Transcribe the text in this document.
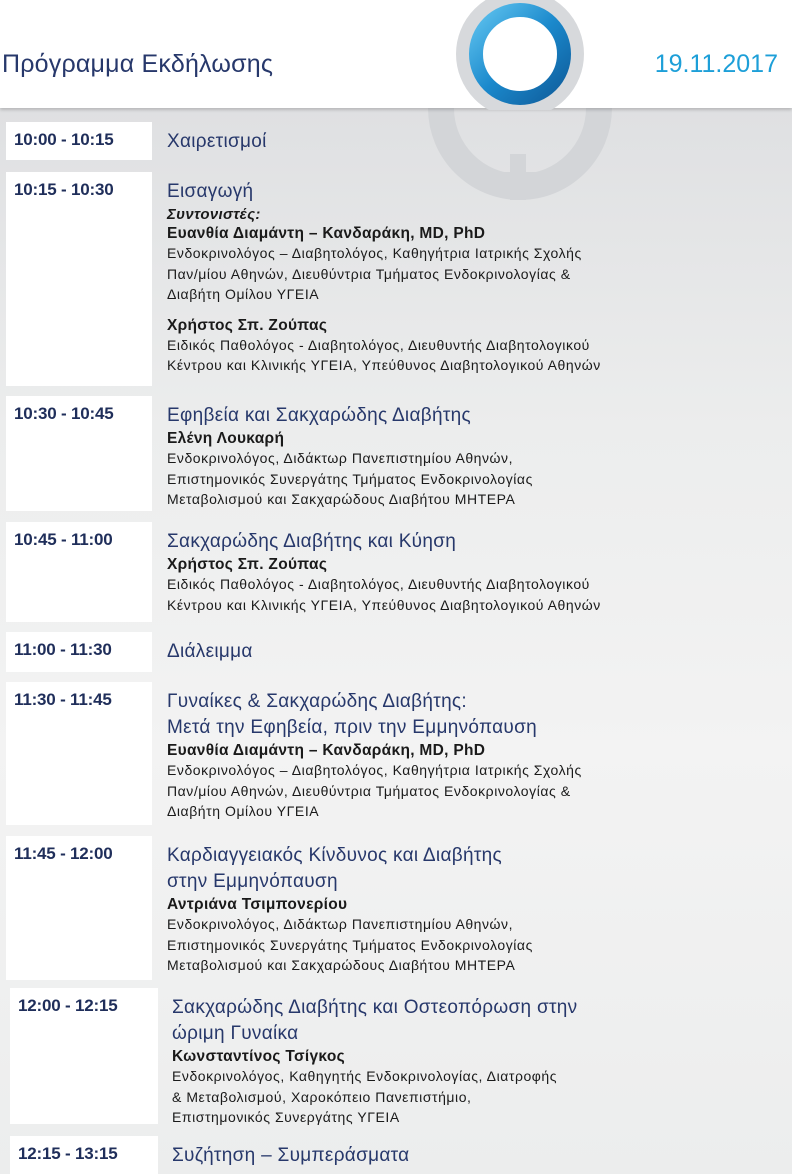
Πρόγραμμα Εκδήλωσης	19.11.2017
10:00 - 10:15	Χαιρετισμοί
10:15 - 10:30	Εισαγωγή
Συντονιστές:
Ευανθία Διαμάντη – Κανδαράκη, MD, PhD
Ενδοκρινολόγος – Διαβητολόγος, Καθηγήτρια Ιατρικής Σχολής
Παν/μίου Αθηνών, Διευθύντρια Τμήματος Ενδοκρινολογίας &
Διαβήτη Ομίλου ΥΓΕΙΑ
Χρήστος Σπ. Ζούπας
Ειδικός Παθολόγος - Διαβητολόγος, Διευθυντής Διαβητολογικού
Κέντρου και Κλινικής ΥΓΕΙΑ, Υπεύθυνος Διαβητολογικού Αθηνών
10:30 - 10:45	Εφηβεία και Σακχαρώδης Διαβήτης
Ελένη Λουκαρή
Ενδοκρινολόγος, Διδάκτωρ Πανεπιστημίου Αθηνών,
Επιστημονικός Συνεργάτης Τμήματος Ενδοκρινολογίας
Μεταβολισμού και Σακχαρώδους Διαβήτου ΜΗΤΕΡΑ
10:45 - 11:00	Σακχαρώδης Διαβήτης και Κύηση
Χρήστος Σπ. Ζούπας
Ειδικός Παθολόγος - Διαβητολόγος, Διευθυντής Διαβητολογικού
Κέντρου και Κλινικής ΥΓΕΙΑ, Υπεύθυνος Διαβητολογικού Αθηνών
11:00 - 11:30	Διάλειμμα
11:30 - 11:45	Γυναίκες & Σακχαρώδης Διαβήτης:
Μετά την Εφηβεία, πριν την Εμμηνόπαυση
Ευανθία Διαμάντη – Κανδαράκη, MD, PhD
Ενδοκρινολόγος – Διαβητολόγος, Καθηγήτρια Ιατρικής Σχολής
Παν/μίου Αθηνών, Διευθύντρια Τμήματος Ενδοκρινολογίας &
Διαβήτη Ομίλου ΥΓΕΙΑ
11:45 - 12:00	Καρδιαγγειακός Κίνδυνος και Διαβήτης
στην Εμμηνόπαυση
Αντριάνα Τσιμπονερίου
Ενδοκρινολόγος, Διδάκτωρ Πανεπιστημίου Αθηνών,
Επιστημονικός Συνεργάτης Τμήματος Ενδοκρινολογίας
Μεταβολισμού και Σακχαρώδους Διαβήτου ΜΗΤΕΡΑ
12:00 - 12:15	Σακχαρώδης Διαβήτης και Οστεοπόρωση στην
ώριμη Γυναίκα
Κωνσταντίνος Τσίγκος
Ενδοκρινολόγος, Καθηγητής Ενδοκρινολογίας, Διατροφής
& Μεταβολισμού, Χαροκόπειο Πανεπιστήμιο,
Επιστημονικός Συνεργάτης ΥΓΕΙΑ
12:15 - 13:15	Συζήτηση – Συμπεράσματα
